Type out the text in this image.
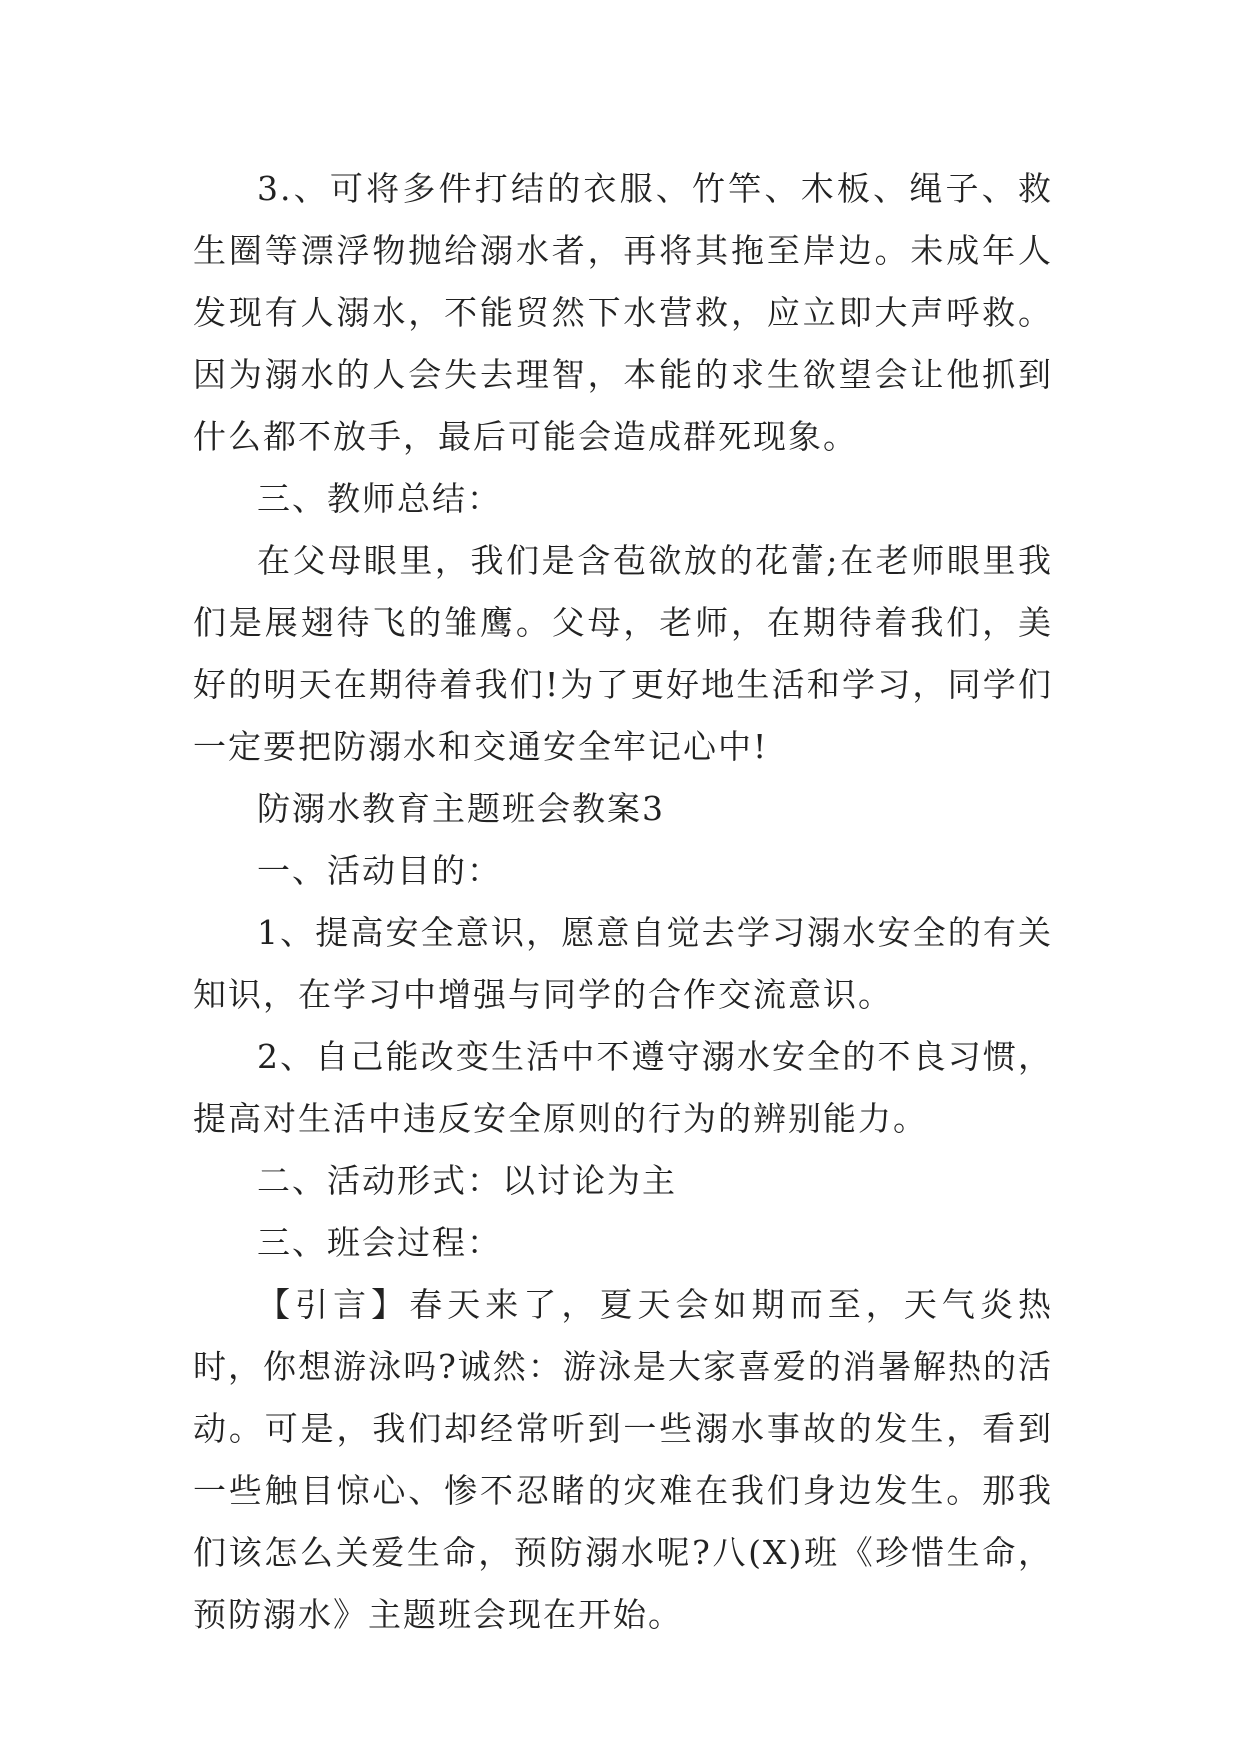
3.、可将多件打结的衣服、竹竿、木板、绳子、救生圈等漂浮物抛给溺水者，再将其拖至岸边。未成年人发现有人溺水，不能贸然下水营救，应立即大声呼救。因为溺水的人会失去理智，本能的求生欲望会让他抓到什么都不放手，最后可能会造成群死现象。

三、教师总结：

在父母眼里，我们是含苞欲放的花蕾;在老师眼里我们是展翅待飞的雏鹰。父母，老师，在期待着我们，美好的明天在期待着我们!为了更好地生活和学习，同学们一定要把防溺水和交通安全牢记心中!

防溺水教育主题班会教案3

一、活动目的：

1、提高安全意识，愿意自觉去学习溺水安全的有关知识，在学习中增强与同学的合作交流意识。

2、自己能改变生活中不遵守溺水安全的不良习惯，提高对生活中违反安全原则的行为的辨别能力。

二、活动形式：以讨论为主

三、班会过程：

【引言】春天来了，夏天会如期而至，天气炎热时，你想游泳吗?诚然：游泳是大家喜爱的消暑解热的活动。可是，我们却经常听到一些溺水事故的发生，看到一些触目惊心、惨不忍睹的灾难在我们身边发生。那我们该怎么关爱生命，预防溺水呢?八(X)班《珍惜生命，预防溺水》主题班会现在开始。
